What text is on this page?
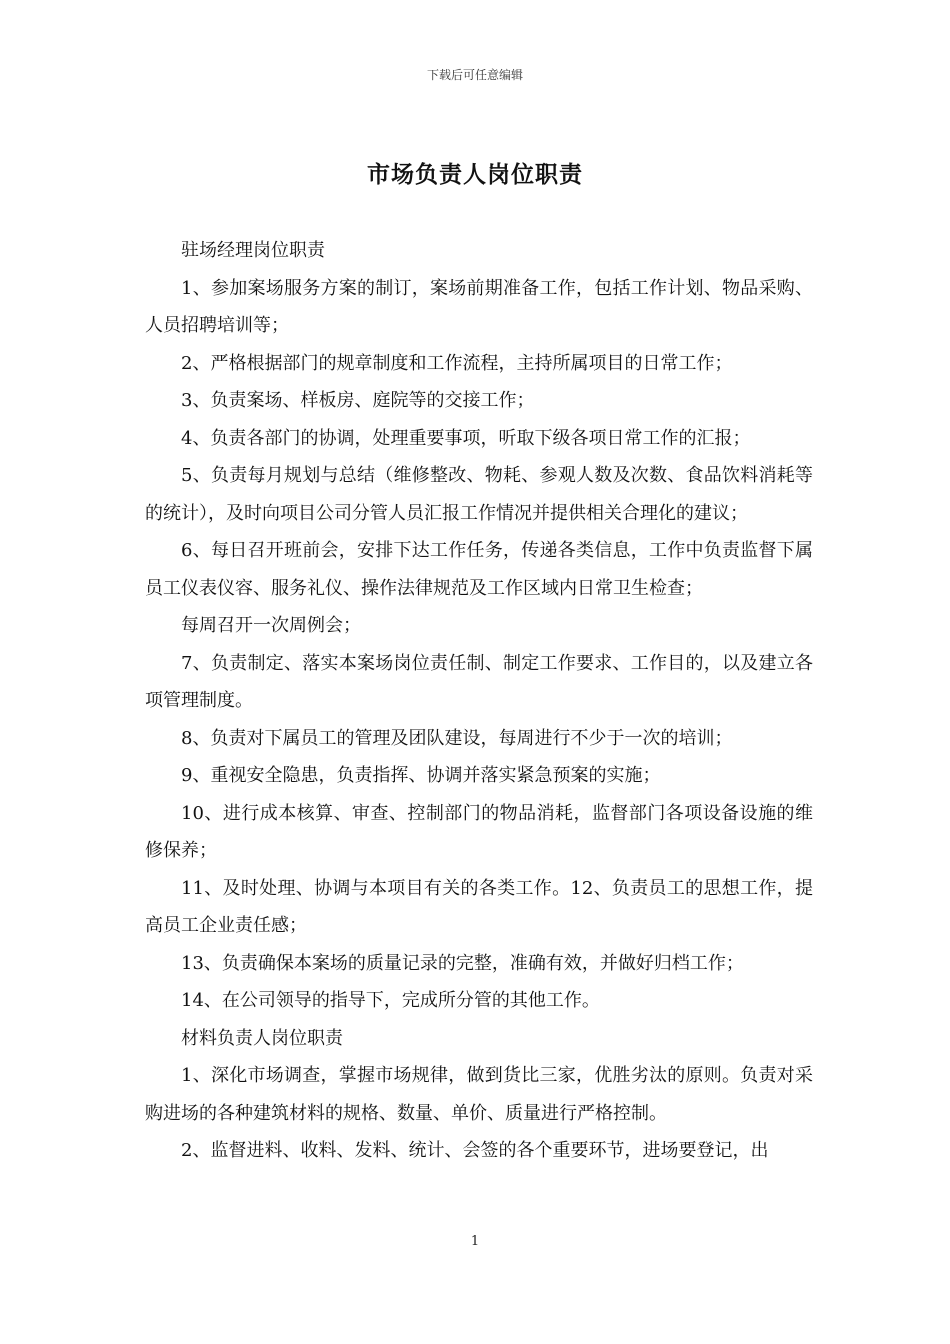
下载后可任意编辑
市场负责人岗位职责

驻场经理岗位职责

1、参加案场服务方案的制订，案场前期准备工作，包括工作计划、物品采购、人员招聘培训等；

2、严格根据部门的规章制度和工作流程，主持所属项目的日常工作；

3、负责案场、样板房、庭院等的交接工作；

4、负责各部门的协调，处理重要事项，听取下级各项日常工作的汇报；

5、负责每月规划与总结（维修整改、物耗、参观人数及次数、食品饮料消耗等的统计），及时向项目公司分管人员汇报工作情况并提供相关合理化的建议；

6、每日召开班前会，安排下达工作任务，传递各类信息，工作中负责监督下属员工仪表仪容、服务礼仪、操作法律规范及工作区域内日常卫生检查；

每周召开一次周例会；

7、负责制定、落实本案场岗位责任制、制定工作要求、工作目的，以及建立各项管理制度。

8、负责对下属员工的管理及团队建设，每周进行不少于一次的培训；

9、重视安全隐患，负责指挥、协调并落实紧急预案的实施；

10、进行成本核算、审查、控制部门的物品消耗，监督部门各项设备设施的维修保养；

11、及时处理、协调与本项目有关的各类工作。12、负责员工的思想工作，提高员工企业责任感；

13、负责确保本案场的质量记录的完整，准确有效，并做好归档工作；

14、在公司领导的指导下，完成所分管的其他工作。

材料负责人岗位职责

1、深化市场调查，掌握市场规律，做到货比三家，优胜劣汰的原则。负责对采购进场的各种建筑材料的规格、数量、单价、质量进行严格控制。

2、监督进料、收料、发料、统计、会签的各个重要环节，进场要登记，出

1
